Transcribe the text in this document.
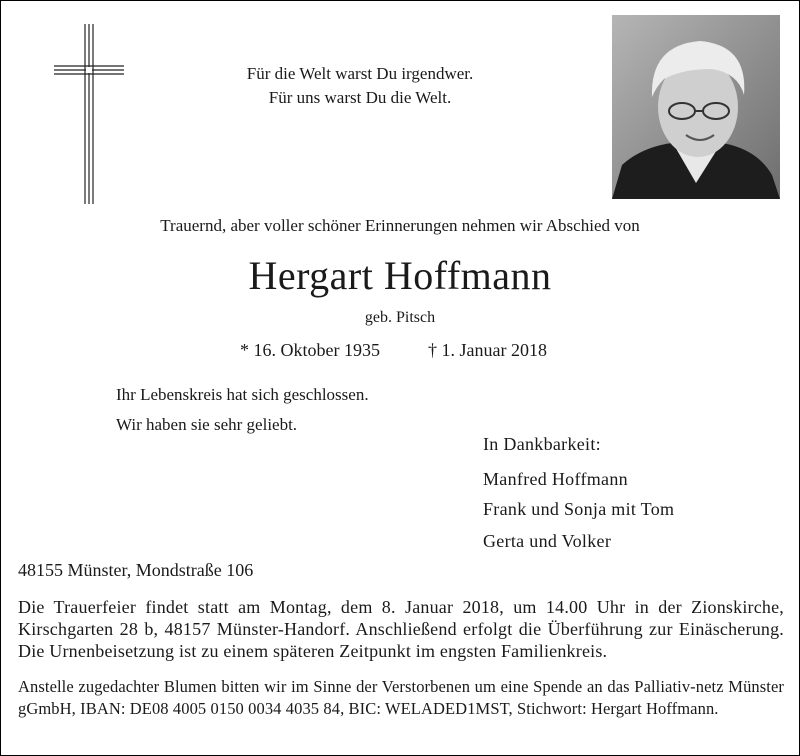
Für die Welt warst Du irgendwer.
Für uns warst Du die Welt.
Trauernd, aber voller schöner Erinnerungen nehmen wir Abschied von
Hergart Hoffmann
geb. Pitsch
* 16. Oktober 1935	† 1. Januar 2018
Ihr Lebenskreis hat sich geschlossen.
Wir haben sie sehr geliebt.
In Dankbarkeit:
Manfred Hoffmann
Frank und Sonja mit Tom
Gerta und Volker
48155 Münster, Mondstraße 106
Die Trauerfeier findet statt am Montag, dem 8. Januar 2018, um 14.00 Uhr in der Zionskirche, Kirschgarten 28 b, 48157 Münster-Handorf. Anschließend erfolgt die Überführung zur Einäscherung. Die Urnenbeisetzung ist zu einem späteren Zeitpunkt im engsten Familienkreis.
Anstelle zugedachter Blumen bitten wir im Sinne der Verstorbenen um eine Spende an das Palliativ-netz Münster gGmbH, IBAN: DE08 4005 0150 0034 4035 84, BIC: WELADED1MST, Stichwort: Hergart Hoffmann.
